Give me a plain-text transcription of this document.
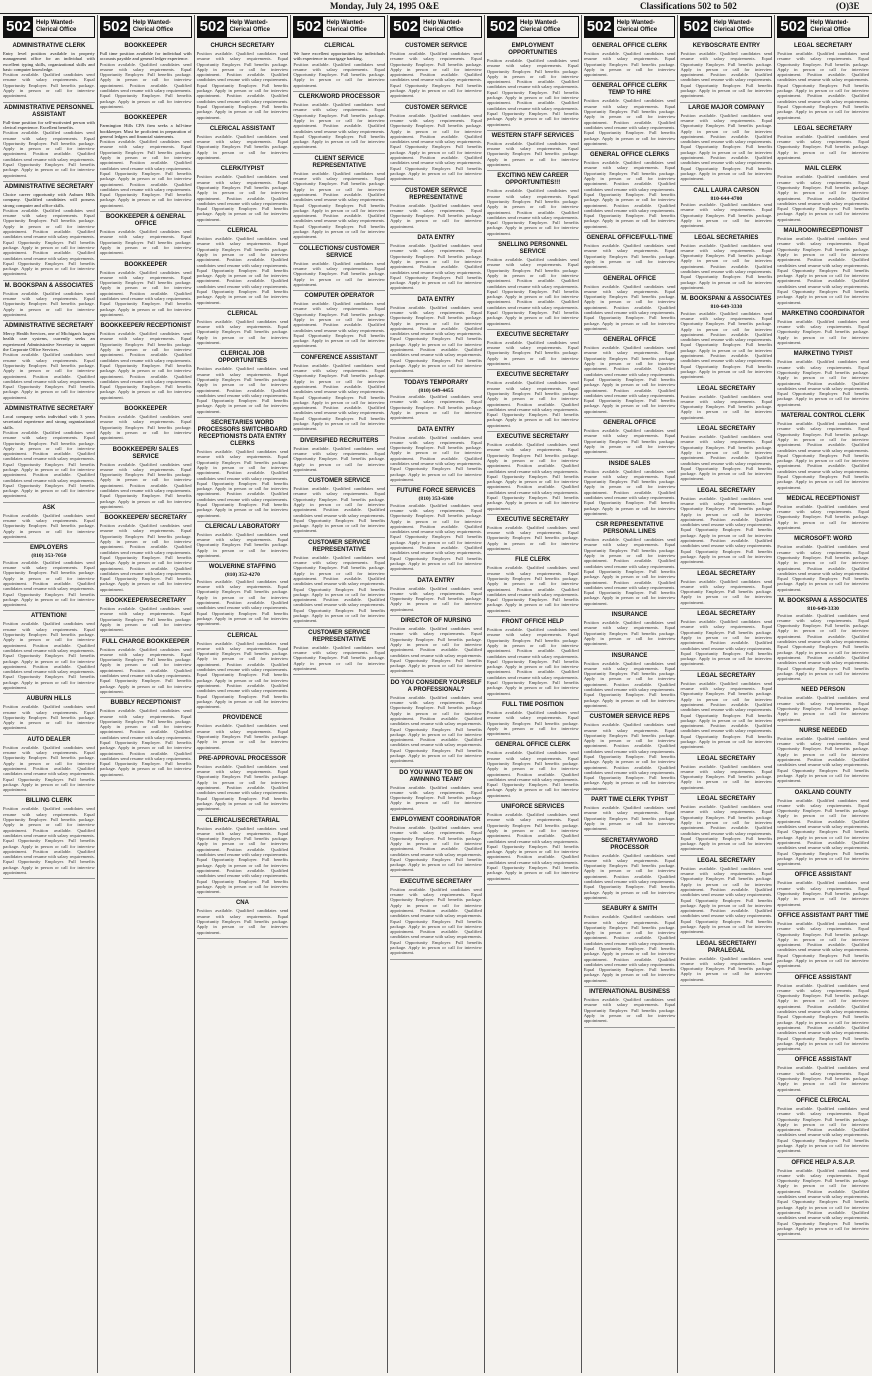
Monday, July 24, 1995 O&E	Classifications 502 to 502	(O)3E
502 Help Wanted-Clerical Office
ADMINISTRATIVE CLERK

Entry level position available in property management office for an individual with excellent typing skills, organizational skills and basic computer knowledge.

Position available. Qualified candidates send resume with salary requirements. Equal Opportunity Employer. Full benefits package. Apply in person or call for interview appointment.

ADMINISTRATIVE PERSONNEL ASSISTANT

Full-time position for self-motivated person with clerical experience. Excellent benefits.

Position available. Qualified candidates send resume with salary requirements. Equal Opportunity Employer. Full benefits package. Apply in person or call for interview appointment. Position available. Qualified candidates send resume with salary requirements. Equal Opportunity Employer. Full benefits package. Apply in person or call for interview appointment.

ADMINISTRATIVE SECRETARY

Choice career opportunity with Auburn Hills company. Qualified candidates will possess strong computer and office skills.

Position available. Qualified candidates send resume with salary requirements. Equal Opportunity Employer. Full benefits package. Apply in person or call for interview appointment. Position available. Qualified candidates send resume with salary requirements. Equal Opportunity Employer. Full benefits package. Apply in person or call for interview appointment. Position available. Qualified candidates send resume with salary requirements. Equal Opportunity Employer. Full benefits package. Apply in person or call for interview appointment.

M. BOOKSPAN & ASSOCIATES

Position available. Qualified candidates send resume with salary requirements. Equal Opportunity Employer. Full benefits package. Apply in person or call for interview appointment.

ADMINISTRATIVE SECRETARY

Mercy Health Services, one of Michigan's largest health care systems, currently seeks an experienced Administrative Secretary to support the Corporate Office Services.

Position available. Qualified candidates send resume with salary requirements. Equal Opportunity Employer. Full benefits package. Apply in person or call for interview appointment. Position available. Qualified candidates send resume with salary requirements. Equal Opportunity Employer. Full benefits package. Apply in person or call for interview appointment.

ADMINISTRATIVE SECRETARY

Local company seeks individual with 3 years secretarial experience and strong organizational skills.

Position available. Qualified candidates send resume with salary requirements. Equal Opportunity Employer. Full benefits package. Apply in person or call for interview appointment. Position available. Qualified candidates send resume with salary requirements. Equal Opportunity Employer. Full benefits package. Apply in person or call for interview appointment. Position available. Qualified candidates send resume with salary requirements. Equal Opportunity Employer. Full benefits package. Apply in person or call for interview appointment.

ASK

Position available. Qualified candidates send resume with salary requirements. Equal Opportunity Employer. Full benefits package. Apply in person or call for interview appointment.

EMPLOYERS

(810) 353-7050

Position available. Qualified candidates send resume with salary requirements. Equal Opportunity Employer. Full benefits package. Apply in person or call for interview appointment. Position available. Qualified candidates send resume with salary requirements. Equal Opportunity Employer. Full benefits package. Apply in person or call for interview appointment.

ATTENTION!

Position available. Qualified candidates send resume with salary requirements. Equal Opportunity Employer. Full benefits package. Apply in person or call for interview appointment. Position available. Qualified candidates send resume with salary requirements. Equal Opportunity Employer. Full benefits package. Apply in person or call for interview appointment. Position available. Qualified candidates send resume with salary requirements. Equal Opportunity Employer. Full benefits package. Apply in person or call for interview appointment.

AUBURN HILLS

Position available. Qualified candidates send resume with salary requirements. Equal Opportunity Employer. Full benefits package. Apply in person or call for interview appointment.

AUTO DEALER

Position available. Qualified candidates send resume with salary requirements. Equal Opportunity Employer. Full benefits package. Apply in person or call for interview appointment. Position available. Qualified candidates send resume with salary requirements. Equal Opportunity Employer. Full benefits package. Apply in person or call for interview appointment.

BILLING CLERK

Position available. Qualified candidates send resume with salary requirements. Equal Opportunity Employer. Full benefits package. Apply in person or call for interview appointment. Position available. Qualified candidates send resume with salary requirements. Equal Opportunity Employer. Full benefits package. Apply in person or call for interview appointment. Position available. Qualified candidates send resume with salary requirements. Equal Opportunity Employer. Full benefits package. Apply in person or call for interview appointment.

502 Help Wanted-Clerical Office
BOOKKEEPER

Full time position available for individual with accounts payable and general ledger experience.

Position available. Qualified candidates send resume with salary requirements. Equal Opportunity Employer. Full benefits package. Apply in person or call for interview appointment. Position available. Qualified candidates send resume with salary requirements. Equal Opportunity Employer. Full benefits package. Apply in person or call for interview appointment.

BOOKKEEPER

Farmington Hills CPA firm seeks a full-time bookkeeper. Must be proficient in preparation of general ledgers and financial statements.

Position available. Qualified candidates send resume with salary requirements. Equal Opportunity Employer. Full benefits package. Apply in person or call for interview appointment. Position available. Qualified candidates send resume with salary requirements. Equal Opportunity Employer. Full benefits package. Apply in person or call for interview appointment. Position available. Qualified candidates send resume with salary requirements. Equal Opportunity Employer. Full benefits package. Apply in person or call for interview appointment.

BOOKKEEPER & GENERAL OFFICE

Position available. Qualified candidates send resume with salary requirements. Equal Opportunity Employer. Full benefits package. Apply in person or call for interview appointment.

BOOKKEEPER

Position available. Qualified candidates send resume with salary requirements. Equal Opportunity Employer. Full benefits package. Apply in person or call for interview appointment. Position available. Qualified candidates send resume with salary requirements. Equal Opportunity Employer. Full benefits package. Apply in person or call for interview appointment.

BOOKKEEPER/ RECEPTIONIST

Position available. Qualified candidates send resume with salary requirements. Equal Opportunity Employer. Full benefits package. Apply in person or call for interview appointment. Position available. Qualified candidates send resume with salary requirements. Equal Opportunity Employer. Full benefits package. Apply in person or call for interview appointment. Position available. Qualified candidates send resume with salary requirements. Equal Opportunity Employer. Full benefits package. Apply in person or call for interview appointment.

BOOKKEEPER

Position available. Qualified candidates send resume with salary requirements. Equal Opportunity Employer. Full benefits package. Apply in person or call for interview appointment.

BOOKKEEPER/ SALES SERVICE

Position available. Qualified candidates send resume with salary requirements. Equal Opportunity Employer. Full benefits package. Apply in person or call for interview appointment. Position available. Qualified candidates send resume with salary requirements. Equal Opportunity Employer. Full benefits package. Apply in person or call for interview appointment.

BOOKKEEPER/ SECRETARY

Position available. Qualified candidates send resume with salary requirements. Equal Opportunity Employer. Full benefits package. Apply in person or call for interview appointment. Position available. Qualified candidates send resume with salary requirements. Equal Opportunity Employer. Full benefits package. Apply in person or call for interview appointment. Position available. Qualified candidates send resume with salary requirements. Equal Opportunity Employer. Full benefits package. Apply in person or call for interview appointment.

BOOKKEEPER/SECRETARY

Position available. Qualified candidates send resume with salary requirements. Equal Opportunity Employer. Full benefits package. Apply in person or call for interview appointment.

FULL CHARGE BOOKKEEPER

Position available. Qualified candidates send resume with salary requirements. Equal Opportunity Employer. Full benefits package. Apply in person or call for interview appointment. Position available. Qualified candidates send resume with salary requirements. Equal Opportunity Employer. Full benefits package. Apply in person or call for interview appointment.

BUBBLY RECEPTIONIST

Position available. Qualified candidates send resume with salary requirements. Equal Opportunity Employer. Full benefits package. Apply in person or call for interview appointment. Position available. Qualified candidates send resume with salary requirements. Equal Opportunity Employer. Full benefits package. Apply in person or call for interview appointment. Position available. Qualified candidates send resume with salary requirements. Equal Opportunity Employer. Full benefits package. Apply in person or call for interview appointment.

502 Help Wanted-Clerical Office
CHURCH SECRETARY

Position available. Qualified candidates send resume with salary requirements. Equal Opportunity Employer. Full benefits package. Apply in person or call for interview appointment. Position available. Qualified candidates send resume with salary requirements. Equal Opportunity Employer. Full benefits package. Apply in person or call for interview appointment. Position available. Qualified candidates send resume with salary requirements. Equal Opportunity Employer. Full benefits package. Apply in person or call for interview appointment.

CLERICAL ASSISTANT

Position available. Qualified candidates send resume with salary requirements. Equal Opportunity Employer. Full benefits package. Apply in person or call for interview appointment.

CLERK/TYPIST

Position available. Qualified candidates send resume with salary requirements. Equal Opportunity Employer. Full benefits package. Apply in person or call for interview appointment. Position available. Qualified candidates send resume with salary requirements. Equal Opportunity Employer. Full benefits package. Apply in person or call for interview appointment.

CLERICAL

Position available. Qualified candidates send resume with salary requirements. Equal Opportunity Employer. Full benefits package. Apply in person or call for interview appointment. Position available. Qualified candidates send resume with salary requirements. Equal Opportunity Employer. Full benefits package. Apply in person or call for interview appointment. Position available. Qualified candidates send resume with salary requirements. Equal Opportunity Employer. Full benefits package. Apply in person or call for interview appointment.

CLERICAL

Position available. Qualified candidates send resume with salary requirements. Equal Opportunity Employer. Full benefits package. Apply in person or call for interview appointment.

CLERICAL JOB OPPORTUNITIES

Position available. Qualified candidates send resume with salary requirements. Equal Opportunity Employer. Full benefits package. Apply in person or call for interview appointment. Position available. Qualified candidates send resume with salary requirements. Equal Opportunity Employer. Full benefits package. Apply in person or call for interview appointment.

SECRETARIES WORD PROCESSORS SWITCHBOARD RECEPTIONISTS DATA ENTRY CLERKS

Position available. Qualified candidates send resume with salary requirements. Equal Opportunity Employer. Full benefits package. Apply in person or call for interview appointment. Position available. Qualified candidates send resume with salary requirements. Equal Opportunity Employer. Full benefits package. Apply in person or call for interview appointment. Position available. Qualified candidates send resume with salary requirements. Equal Opportunity Employer. Full benefits package. Apply in person or call for interview appointment.

CLERICAL/ LABORATORY

Position available. Qualified candidates send resume with salary requirements. Equal Opportunity Employer. Full benefits package. Apply in person or call for interview appointment.

WOLVERINE STAFFING

(810) 352-4270

Position available. Qualified candidates send resume with salary requirements. Equal Opportunity Employer. Full benefits package. Apply in person or call for interview appointment. Position available. Qualified candidates send resume with salary requirements. Equal Opportunity Employer. Full benefits package. Apply in person or call for interview appointment.

CLERICAL

Position available. Qualified candidates send resume with salary requirements. Equal Opportunity Employer. Full benefits package. Apply in person or call for interview appointment. Position available. Qualified candidates send resume with salary requirements. Equal Opportunity Employer. Full benefits package. Apply in person or call for interview appointment. Position available. Qualified candidates send resume with salary requirements. Equal Opportunity Employer. Full benefits package. Apply in person or call for interview appointment.

PROVIDENCE

Position available. Qualified candidates send resume with salary requirements. Equal Opportunity Employer. Full benefits package. Apply in person or call for interview appointment.

PRE-APPROVAL PROCESSOR

Position available. Qualified candidates send resume with salary requirements. Equal Opportunity Employer. Full benefits package. Apply in person or call for interview appointment. Position available. Qualified candidates send resume with salary requirements. Equal Opportunity Employer. Full benefits package. Apply in person or call for interview appointment.

CLERICAL/SECRETARIAL

Position available. Qualified candidates send resume with salary requirements. Equal Opportunity Employer. Full benefits package. Apply in person or call for interview appointment. Position available. Qualified candidates send resume with salary requirements. Equal Opportunity Employer. Full benefits package. Apply in person or call for interview appointment. Position available. Qualified candidates send resume with salary requirements. Equal Opportunity Employer. Full benefits package. Apply in person or call for interview appointment.

CNA

Position available. Qualified candidates send resume with salary requirements. Equal Opportunity Employer. Full benefits package. Apply in person or call for interview appointment.

502 Help Wanted-Clerical Office
CLERICAL

We have excellent opportunities for individuals with experience in mortgage banking.

Position available. Qualified candidates send resume with salary requirements. Equal Opportunity Employer. Full benefits package. Apply in person or call for interview appointment.

CLERK/WORD PROCESSOR

Position available. Qualified candidates send resume with salary requirements. Equal Opportunity Employer. Full benefits package. Apply in person or call for interview appointment. Position available. Qualified candidates send resume with salary requirements. Equal Opportunity Employer. Full benefits package. Apply in person or call for interview appointment.

CLIENT SERVICE REPRESENTATIVE

Position available. Qualified candidates send resume with salary requirements. Equal Opportunity Employer. Full benefits package. Apply in person or call for interview appointment. Position available. Qualified candidates send resume with salary requirements. Equal Opportunity Employer. Full benefits package. Apply in person or call for interview appointment. Position available. Qualified candidates send resume with salary requirements. Equal Opportunity Employer. Full benefits package. Apply in person or call for interview appointment.

COLLECTIONS/ CUSTOMER SERVICE

Position available. Qualified candidates send resume with salary requirements. Equal Opportunity Employer. Full benefits package. Apply in person or call for interview appointment.

COMPUTER OPERATOR

Position available. Qualified candidates send resume with salary requirements. Equal Opportunity Employer. Full benefits package. Apply in person or call for interview appointment. Position available. Qualified candidates send resume with salary requirements. Equal Opportunity Employer. Full benefits package. Apply in person or call for interview appointment.

CONFERENCE ASSISTANT

Position available. Qualified candidates send resume with salary requirements. Equal Opportunity Employer. Full benefits package. Apply in person or call for interview appointment. Position available. Qualified candidates send resume with salary requirements. Equal Opportunity Employer. Full benefits package. Apply in person or call for interview appointment. Position available. Qualified candidates send resume with salary requirements. Equal Opportunity Employer. Full benefits package. Apply in person or call for interview appointment.

DIVERSIFIED RECRUITERS

Position available. Qualified candidates send resume with salary requirements. Equal Opportunity Employer. Full benefits package. Apply in person or call for interview appointment.

CUSTOMER SERVICE

Position available. Qualified candidates send resume with salary requirements. Equal Opportunity Employer. Full benefits package. Apply in person or call for interview appointment. Position available. Qualified candidates send resume with salary requirements. Equal Opportunity Employer. Full benefits package. Apply in person or call for interview appointment.

CUSTOMER SERVICE REPRESENTATIVE

Position available. Qualified candidates send resume with salary requirements. Equal Opportunity Employer. Full benefits package. Apply in person or call for interview appointment. Position available. Qualified candidates send resume with salary requirements. Equal Opportunity Employer. Full benefits package. Apply in person or call for interview appointment. Position available. Qualified candidates send resume with salary requirements. Equal Opportunity Employer. Full benefits package. Apply in person or call for interview appointment.

CUSTOMER SERVICE REPRESENTATIVE

Position available. Qualified candidates send resume with salary requirements. Equal Opportunity Employer. Full benefits package. Apply in person or call for interview appointment.

502 Help Wanted-Clerical Office
CUSTOMER SERVICE

Position available. Qualified candidates send resume with salary requirements. Equal Opportunity Employer. Full benefits package. Apply in person or call for interview appointment. Position available. Qualified candidates send resume with salary requirements. Equal Opportunity Employer. Full benefits package. Apply in person or call for interview appointment.

CUSTOMER SERVICE

Position available. Qualified candidates send resume with salary requirements. Equal Opportunity Employer. Full benefits package. Apply in person or call for interview appointment. Position available. Qualified candidates send resume with salary requirements. Equal Opportunity Employer. Full benefits package. Apply in person or call for interview appointment. Position available. Qualified candidates send resume with salary requirements. Equal Opportunity Employer. Full benefits package. Apply in person or call for interview appointment.

CUSTOMER SERVICE REPRESENTATIVE

Position available. Qualified candidates send resume with salary requirements. Equal Opportunity Employer. Full benefits package. Apply in person or call for interview appointment.

DATA ENTRY

Position available. Qualified candidates send resume with salary requirements. Equal Opportunity Employer. Full benefits package. Apply in person or call for interview appointment. Position available. Qualified candidates send resume with salary requirements. Equal Opportunity Employer. Full benefits package. Apply in person or call for interview appointment.

DATA ENTRY

Position available. Qualified candidates send resume with salary requirements. Equal Opportunity Employer. Full benefits package. Apply in person or call for interview appointment. Position available. Qualified candidates send resume with salary requirements. Equal Opportunity Employer. Full benefits package. Apply in person or call for interview appointment. Position available. Qualified candidates send resume with salary requirements. Equal Opportunity Employer. Full benefits package. Apply in person or call for interview appointment.

TODAYS TEMPORARY

(810) 649-4455

Position available. Qualified candidates send resume with salary requirements. Equal Opportunity Employer. Full benefits package. Apply in person or call for interview appointment.

DATA ENTRY

Position available. Qualified candidates send resume with salary requirements. Equal Opportunity Employer. Full benefits package. Apply in person or call for interview appointment. Position available. Qualified candidates send resume with salary requirements. Equal Opportunity Employer. Full benefits package. Apply in person or call for interview appointment.

FUTURE FORCE SERVICES

(810) 353-6300

Position available. Qualified candidates send resume with salary requirements. Equal Opportunity Employer. Full benefits package. Apply in person or call for interview appointment. Position available. Qualified candidates send resume with salary requirements. Equal Opportunity Employer. Full benefits package. Apply in person or call for interview appointment. Position available. Qualified candidates send resume with salary requirements. Equal Opportunity Employer. Full benefits package. Apply in person or call for interview appointment.

DATA ENTRY

Position available. Qualified candidates send resume with salary requirements. Equal Opportunity Employer. Full benefits package. Apply in person or call for interview appointment.

DIRECTOR OF NURSING

Position available. Qualified candidates send resume with salary requirements. Equal Opportunity Employer. Full benefits package. Apply in person or call for interview appointment. Position available. Qualified candidates send resume with salary requirements. Equal Opportunity Employer. Full benefits package. Apply in person or call for interview appointment.

DO YOU CONSIDER YOURSELF A PROFESSIONAL?

Position available. Qualified candidates send resume with salary requirements. Equal Opportunity Employer. Full benefits package. Apply in person or call for interview appointment. Position available. Qualified candidates send resume with salary requirements. Equal Opportunity Employer. Full benefits package. Apply in person or call for interview appointment. Position available. Qualified candidates send resume with salary requirements. Equal Opportunity Employer. Full benefits package. Apply in person or call for interview appointment.

DO YOU WANT TO BE ON AWINNING TEAM?

Position available. Qualified candidates send resume with salary requirements. Equal Opportunity Employer. Full benefits package. Apply in person or call for interview appointment.

EMPLOYMENT COORDINATOR

Position available. Qualified candidates send resume with salary requirements. Equal Opportunity Employer. Full benefits package. Apply in person or call for interview appointment. Position available. Qualified candidates send resume with salary requirements. Equal Opportunity Employer. Full benefits package. Apply in person or call for interview appointment.

EXECUTIVE SECRETARY

Position available. Qualified candidates send resume with salary requirements. Equal Opportunity Employer. Full benefits package. Apply in person or call for interview appointment. Position available. Qualified candidates send resume with salary requirements. Equal Opportunity Employer. Full benefits package. Apply in person or call for interview appointment. Position available. Qualified candidates send resume with salary requirements. Equal Opportunity Employer. Full benefits package. Apply in person or call for interview appointment.

502 Help Wanted-Clerical Office
EMPLOYMENT OPPORTUNITIES

Position available. Qualified candidates send resume with salary requirements. Equal Opportunity Employer. Full benefits package. Apply in person or call for interview appointment. Position available. Qualified candidates send resume with salary requirements. Equal Opportunity Employer. Full benefits package. Apply in person or call for interview appointment. Position available. Qualified candidates send resume with salary requirements. Equal Opportunity Employer. Full benefits package. Apply in person or call for interview appointment.

WESTERN STAFF SERVICES

Position available. Qualified candidates send resume with salary requirements. Equal Opportunity Employer. Full benefits package. Apply in person or call for interview appointment.

EXCITING NEW CAREER OPPORTUNITIES!!!

Position available. Qualified candidates send resume with salary requirements. Equal Opportunity Employer. Full benefits package. Apply in person or call for interview appointment. Position available. Qualified candidates send resume with salary requirements. Equal Opportunity Employer. Full benefits package. Apply in person or call for interview appointment.

SNELLING PERSONNEL SERVICE

Position available. Qualified candidates send resume with salary requirements. Equal Opportunity Employer. Full benefits package. Apply in person or call for interview appointment. Position available. Qualified candidates send resume with salary requirements. Equal Opportunity Employer. Full benefits package. Apply in person or call for interview appointment. Position available. Qualified candidates send resume with salary requirements. Equal Opportunity Employer. Full benefits package. Apply in person or call for interview appointment.

EXECUTIVE SECRETARY

Position available. Qualified candidates send resume with salary requirements. Equal Opportunity Employer. Full benefits package. Apply in person or call for interview appointment.

EXECUTIVE SECRETARY

Position available. Qualified candidates send resume with salary requirements. Equal Opportunity Employer. Full benefits package. Apply in person or call for interview appointment. Position available. Qualified candidates send resume with salary requirements. Equal Opportunity Employer. Full benefits package. Apply in person or call for interview appointment.

EXECUTIVE SECRETARY

Position available. Qualified candidates send resume with salary requirements. Equal Opportunity Employer. Full benefits package. Apply in person or call for interview appointment. Position available. Qualified candidates send resume with salary requirements. Equal Opportunity Employer. Full benefits package. Apply in person or call for interview appointment. Position available. Qualified candidates send resume with salary requirements. Equal Opportunity Employer. Full benefits package. Apply in person or call for interview appointment.

EXECUTIVE SECRETARY

Position available. Qualified candidates send resume with salary requirements. Equal Opportunity Employer. Full benefits package. Apply in person or call for interview appointment.

FILE CLERK

Position available. Qualified candidates send resume with salary requirements. Equal Opportunity Employer. Full benefits package. Apply in person or call for interview appointment. Position available. Qualified candidates send resume with salary requirements. Equal Opportunity Employer. Full benefits package. Apply in person or call for interview appointment.

FRONT OFFICE HELP

Position available. Qualified candidates send resume with salary requirements. Equal Opportunity Employer. Full benefits package. Apply in person or call for interview appointment. Position available. Qualified candidates send resume with salary requirements. Equal Opportunity Employer. Full benefits package. Apply in person or call for interview appointment. Position available. Qualified candidates send resume with salary requirements. Equal Opportunity Employer. Full benefits package. Apply in person or call for interview appointment.

FULL TIME POSITION

Position available. Qualified candidates send resume with salary requirements. Equal Opportunity Employer. Full benefits package. Apply in person or call for interview appointment.

GENERAL OFFICE CLERK

Position available. Qualified candidates send resume with salary requirements. Equal Opportunity Employer. Full benefits package. Apply in person or call for interview appointment. Position available. Qualified candidates send resume with salary requirements. Equal Opportunity Employer. Full benefits package. Apply in person or call for interview appointment.

UNIFORCE SERVICES

Position available. Qualified candidates send resume with salary requirements. Equal Opportunity Employer. Full benefits package. Apply in person or call for interview appointment. Position available. Qualified candidates send resume with salary requirements. Equal Opportunity Employer. Full benefits package. Apply in person or call for interview appointment. Position available. Qualified candidates send resume with salary requirements. Equal Opportunity Employer. Full benefits package. Apply in person or call for interview appointment.

502 Help Wanted-Clerical Office
GENERAL OFFICE CLERK

Position available. Qualified candidates send resume with salary requirements. Equal Opportunity Employer. Full benefits package. Apply in person or call for interview appointment.

GENERAL OFFICE CLERK TEMP TO HIRE

Position available. Qualified candidates send resume with salary requirements. Equal Opportunity Employer. Full benefits package. Apply in person or call for interview appointment. Position available. Qualified candidates send resume with salary requirements. Equal Opportunity Employer. Full benefits package. Apply in person or call for interview appointment.

GENERAL OFFICE CLERKS

Position available. Qualified candidates send resume with salary requirements. Equal Opportunity Employer. Full benefits package. Apply in person or call for interview appointment. Position available. Qualified candidates send resume with salary requirements. Equal Opportunity Employer. Full benefits package. Apply in person or call for interview appointment. Position available. Qualified candidates send resume with salary requirements. Equal Opportunity Employer. Full benefits package. Apply in person or call for interview appointment.

GENERAL OFFICE/FULL-TIME

Position available. Qualified candidates send resume with salary requirements. Equal Opportunity Employer. Full benefits package. Apply in person or call for interview appointment.

GENERAL OFFICE

Position available. Qualified candidates send resume with salary requirements. Equal Opportunity Employer. Full benefits package. Apply in person or call for interview appointment. Position available. Qualified candidates send resume with salary requirements. Equal Opportunity Employer. Full benefits package. Apply in person or call for interview appointment.

GENERAL OFFICE

Position available. Qualified candidates send resume with salary requirements. Equal Opportunity Employer. Full benefits package. Apply in person or call for interview appointment. Position available. Qualified candidates send resume with salary requirements. Equal Opportunity Employer. Full benefits package. Apply in person or call for interview appointment. Position available. Qualified candidates send resume with salary requirements. Equal Opportunity Employer. Full benefits package. Apply in person or call for interview appointment.

GENERAL OFFICE

Position available. Qualified candidates send resume with salary requirements. Equal Opportunity Employer. Full benefits package. Apply in person or call for interview appointment.

INSIDE SALES

Position available. Qualified candidates send resume with salary requirements. Equal Opportunity Employer. Full benefits package. Apply in person or call for interview appointment. Position available. Qualified candidates send resume with salary requirements. Equal Opportunity Employer. Full benefits package. Apply in person or call for interview appointment.

CSR REPRESENTATIVE PERSONAL LINES

Position available. Qualified candidates send resume with salary requirements. Equal Opportunity Employer. Full benefits package. Apply in person or call for interview appointment. Position available. Qualified candidates send resume with salary requirements. Equal Opportunity Employer. Full benefits package. Apply in person or call for interview appointment. Position available. Qualified candidates send resume with salary requirements. Equal Opportunity Employer. Full benefits package. Apply in person or call for interview appointment.

INSURANCE

Position available. Qualified candidates send resume with salary requirements. Equal Opportunity Employer. Full benefits package. Apply in person or call for interview appointment.

INSURANCE

Position available. Qualified candidates send resume with salary requirements. Equal Opportunity Employer. Full benefits package. Apply in person or call for interview appointment. Position available. Qualified candidates send resume with salary requirements. Equal Opportunity Employer. Full benefits package. Apply in person or call for interview appointment.

CUSTOMER SERVICE REPS

Position available. Qualified candidates send resume with salary requirements. Equal Opportunity Employer. Full benefits package. Apply in person or call for interview appointment. Position available. Qualified candidates send resume with salary requirements. Equal Opportunity Employer. Full benefits package. Apply in person or call for interview appointment. Position available. Qualified candidates send resume with salary requirements. Equal Opportunity Employer. Full benefits package. Apply in person or call for interview appointment.

PART TIME CLERK TYPIST

Position available. Qualified candidates send resume with salary requirements. Equal Opportunity Employer. Full benefits package. Apply in person or call for interview appointment.

SECRETARY/WORD PROCESSOR

Position available. Qualified candidates send resume with salary requirements. Equal Opportunity Employer. Full benefits package. Apply in person or call for interview appointment. Position available. Qualified candidates send resume with salary requirements. Equal Opportunity Employer. Full benefits package. Apply in person or call for interview appointment.

SEABURY & SMITH

Position available. Qualified candidates send resume with salary requirements. Equal Opportunity Employer. Full benefits package. Apply in person or call for interview appointment. Position available. Qualified candidates send resume with salary requirements. Equal Opportunity Employer. Full benefits package. Apply in person or call for interview appointment. Position available. Qualified candidates send resume with salary requirements. Equal Opportunity Employer. Full benefits package. Apply in person or call for interview appointment.

INTERNATIONAL BUSINESS

Position available. Qualified candidates send resume with salary requirements. Equal Opportunity Employer. Full benefits package. Apply in person or call for interview appointment.

502 Help Wanted-Clerical Office
KEYBOSCRATE ENTRY

Position available. Qualified candidates send resume with salary requirements. Equal Opportunity Employer. Full benefits package. Apply in person or call for interview appointment. Position available. Qualified candidates send resume with salary requirements. Equal Opportunity Employer. Full benefits package. Apply in person or call for interview appointment.

LARGE MAJOR COMPANY

Position available. Qualified candidates send resume with salary requirements. Equal Opportunity Employer. Full benefits package. Apply in person or call for interview appointment. Position available. Qualified candidates send resume with salary requirements. Equal Opportunity Employer. Full benefits package. Apply in person or call for interview appointment. Position available. Qualified candidates send resume with salary requirements. Equal Opportunity Employer. Full benefits package. Apply in person or call for interview appointment.

CALL LAURA CARSON

810-644-4700

Position available. Qualified candidates send resume with salary requirements. Equal Opportunity Employer. Full benefits package. Apply in person or call for interview appointment.

LEGAL SECRETARIES

Position available. Qualified candidates send resume with salary requirements. Equal Opportunity Employer. Full benefits package. Apply in person or call for interview appointment. Position available. Qualified candidates send resume with salary requirements. Equal Opportunity Employer. Full benefits package. Apply in person or call for interview appointment.

M. BOOKSPAN/ & ASSOCIATES

810-649-3330

Position available. Qualified candidates send resume with salary requirements. Equal Opportunity Employer. Full benefits package. Apply in person or call for interview appointment. Position available. Qualified candidates send resume with salary requirements. Equal Opportunity Employer. Full benefits package. Apply in person or call for interview appointment. Position available. Qualified candidates send resume with salary requirements. Equal Opportunity Employer. Full benefits package. Apply in person or call for interview appointment.

LEGAL SECRETARY

Position available. Qualified candidates send resume with salary requirements. Equal Opportunity Employer. Full benefits package. Apply in person or call for interview appointment.

LEGAL SECRETARY

Position available. Qualified candidates send resume with salary requirements. Equal Opportunity Employer. Full benefits package. Apply in person or call for interview appointment. Position available. Qualified candidates send resume with salary requirements. Equal Opportunity Employer. Full benefits package. Apply in person or call for interview appointment.

LEGAL SECRETARY

Position available. Qualified candidates send resume with salary requirements. Equal Opportunity Employer. Full benefits package. Apply in person or call for interview appointment. Position available. Qualified candidates send resume with salary requirements. Equal Opportunity Employer. Full benefits package. Apply in person or call for interview appointment. Position available. Qualified candidates send resume with salary requirements. Equal Opportunity Employer. Full benefits package. Apply in person or call for interview appointment.

LEGAL SECRETARY

Position available. Qualified candidates send resume with salary requirements. Equal Opportunity Employer. Full benefits package. Apply in person or call for interview appointment.

LEGAL SECRETARY

Position available. Qualified candidates send resume with salary requirements. Equal Opportunity Employer. Full benefits package. Apply in person or call for interview appointment. Position available. Qualified candidates send resume with salary requirements. Equal Opportunity Employer. Full benefits package. Apply in person or call for interview appointment.

LEGAL SECRETARY

Position available. Qualified candidates send resume with salary requirements. Equal Opportunity Employer. Full benefits package. Apply in person or call for interview appointment. Position available. Qualified candidates send resume with salary requirements. Equal Opportunity Employer. Full benefits package. Apply in person or call for interview appointment. Position available. Qualified candidates send resume with salary requirements. Equal Opportunity Employer. Full benefits package. Apply in person or call for interview appointment.

LEGAL SECRETARY

Position available. Qualified candidates send resume with salary requirements. Equal Opportunity Employer. Full benefits package. Apply in person or call for interview appointment.

LEGAL SECRETARY

Position available. Qualified candidates send resume with salary requirements. Equal Opportunity Employer. Full benefits package. Apply in person or call for interview appointment. Position available. Qualified candidates send resume with salary requirements. Equal Opportunity Employer. Full benefits package. Apply in person or call for interview appointment.

LEGAL SECRETARY

Position available. Qualified candidates send resume with salary requirements. Equal Opportunity Employer. Full benefits package. Apply in person or call for interview appointment. Position available. Qualified candidates send resume with salary requirements. Equal Opportunity Employer. Full benefits package. Apply in person or call for interview appointment. Position available. Qualified candidates send resume with salary requirements. Equal Opportunity Employer. Full benefits package. Apply in person or call for interview appointment.

LEGAL SECRETARY/ PARALEGAL

Position available. Qualified candidates send resume with salary requirements. Equal Opportunity Employer. Full benefits package. Apply in person or call for interview appointment.

502 Help Wanted-Clerical Office
LEGAL SECRETARY

Position available. Qualified candidates send resume with salary requirements. Equal Opportunity Employer. Full benefits package. Apply in person or call for interview appointment. Position available. Qualified candidates send resume with salary requirements. Equal Opportunity Employer. Full benefits package. Apply in person or call for interview appointment. Position available. Qualified candidates send resume with salary requirements. Equal Opportunity Employer. Full benefits package. Apply in person or call for interview appointment.

LEGAL SECRETARY

Position available. Qualified candidates send resume with salary requirements. Equal Opportunity Employer. Full benefits package. Apply in person or call for interview appointment.

MAIL CLERK

Position available. Qualified candidates send resume with salary requirements. Equal Opportunity Employer. Full benefits package. Apply in person or call for interview appointment. Position available. Qualified candidates send resume with salary requirements. Equal Opportunity Employer. Full benefits package. Apply in person or call for interview appointment.

MAILROOM/RECEPTIONIST

Position available. Qualified candidates send resume with salary requirements. Equal Opportunity Employer. Full benefits package. Apply in person or call for interview appointment. Position available. Qualified candidates send resume with salary requirements. Equal Opportunity Employer. Full benefits package. Apply in person or call for interview appointment. Position available. Qualified candidates send resume with salary requirements. Equal Opportunity Employer. Full benefits package. Apply in person or call for interview appointment.

MARKETING COORDINATOR

Position available. Qualified candidates send resume with salary requirements. Equal Opportunity Employer. Full benefits package. Apply in person or call for interview appointment.

MARKETING TYPIST

Position available. Qualified candidates send resume with salary requirements. Equal Opportunity Employer. Full benefits package. Apply in person or call for interview appointment. Position available. Qualified candidates send resume with salary requirements. Equal Opportunity Employer. Full benefits package. Apply in person or call for interview appointment.

MATERIAL CONTROL CLERK

Position available. Qualified candidates send resume with salary requirements. Equal Opportunity Employer. Full benefits package. Apply in person or call for interview appointment. Position available. Qualified candidates send resume with salary requirements. Equal Opportunity Employer. Full benefits package. Apply in person or call for interview appointment. Position available. Qualified candidates send resume with salary requirements. Equal Opportunity Employer. Full benefits package. Apply in person or call for interview appointment.

MEDICAL RECEPTIONIST

Position available. Qualified candidates send resume with salary requirements. Equal Opportunity Employer. Full benefits package. Apply in person or call for interview appointment.

MICROSOFT: WORD

Position available. Qualified candidates send resume with salary requirements. Equal Opportunity Employer. Full benefits package. Apply in person or call for interview appointment. Position available. Qualified candidates send resume with salary requirements. Equal Opportunity Employer. Full benefits package. Apply in person or call for interview appointment.

M. BOOKSPAN & ASSOCIATES

810-649-3330

Position available. Qualified candidates send resume with salary requirements. Equal Opportunity Employer. Full benefits package. Apply in person or call for interview appointment. Position available. Qualified candidates send resume with salary requirements. Equal Opportunity Employer. Full benefits package. Apply in person or call for interview appointment. Position available. Qualified candidates send resume with salary requirements. Equal Opportunity Employer. Full benefits package. Apply in person or call for interview appointment.

NEED PERSON

Position available. Qualified candidates send resume with salary requirements. Equal Opportunity Employer. Full benefits package. Apply in person or call for interview appointment.

NURSE NEEDED

Position available. Qualified candidates send resume with salary requirements. Equal Opportunity Employer. Full benefits package. Apply in person or call for interview appointment. Position available. Qualified candidates send resume with salary requirements. Equal Opportunity Employer. Full benefits package. Apply in person or call for interview appointment.

OAKLAND COUNTY

Position available. Qualified candidates send resume with salary requirements. Equal Opportunity Employer. Full benefits package. Apply in person or call for interview appointment. Position available. Qualified candidates send resume with salary requirements. Equal Opportunity Employer. Full benefits package. Apply in person or call for interview appointment. Position available. Qualified candidates send resume with salary requirements. Equal Opportunity Employer. Full benefits package. Apply in person or call for interview appointment.

OFFICE ASSISTANT

Position available. Qualified candidates send resume with salary requirements. Equal Opportunity Employer. Full benefits package. Apply in person or call for interview appointment.

OFFICE ASSISTANT PART TIME

Position available. Qualified candidates send resume with salary requirements. Equal Opportunity Employer. Full benefits package. Apply in person or call for interview appointment. Position available. Qualified candidates send resume with salary requirements. Equal Opportunity Employer. Full benefits package. Apply in person or call for interview appointment.

OFFICE ASSISTANT

Position available. Qualified candidates send resume with salary requirements. Equal Opportunity Employer. Full benefits package. Apply in person or call for interview appointment. Position available. Qualified candidates send resume with salary requirements. Equal Opportunity Employer. Full benefits package. Apply in person or call for interview appointment. Position available. Qualified candidates send resume with salary requirements. Equal Opportunity Employer. Full benefits package. Apply in person or call for interview appointment.

OFFICE ASSISTANT

Position available. Qualified candidates send resume with salary requirements. Equal Opportunity Employer. Full benefits package. Apply in person or call for interview appointment.

OFFICE CLERICAL

Position available. Qualified candidates send resume with salary requirements. Equal Opportunity Employer. Full benefits package. Apply in person or call for interview appointment. Position available. Qualified candidates send resume with salary requirements. Equal Opportunity Employer. Full benefits package. Apply in person or call for interview appointment.

OFFICE HELP A.S.A.P.

Position available. Qualified candidates send resume with salary requirements. Equal Opportunity Employer. Full benefits package. Apply in person or call for interview appointment. Position available. Qualified candidates send resume with salary requirements. Equal Opportunity Employer. Full benefits package. Apply in person or call for interview appointment. Position available. Qualified candidates send resume with salary requirements. Equal Opportunity Employer. Full benefits package. Apply in person or call for interview appointment.
